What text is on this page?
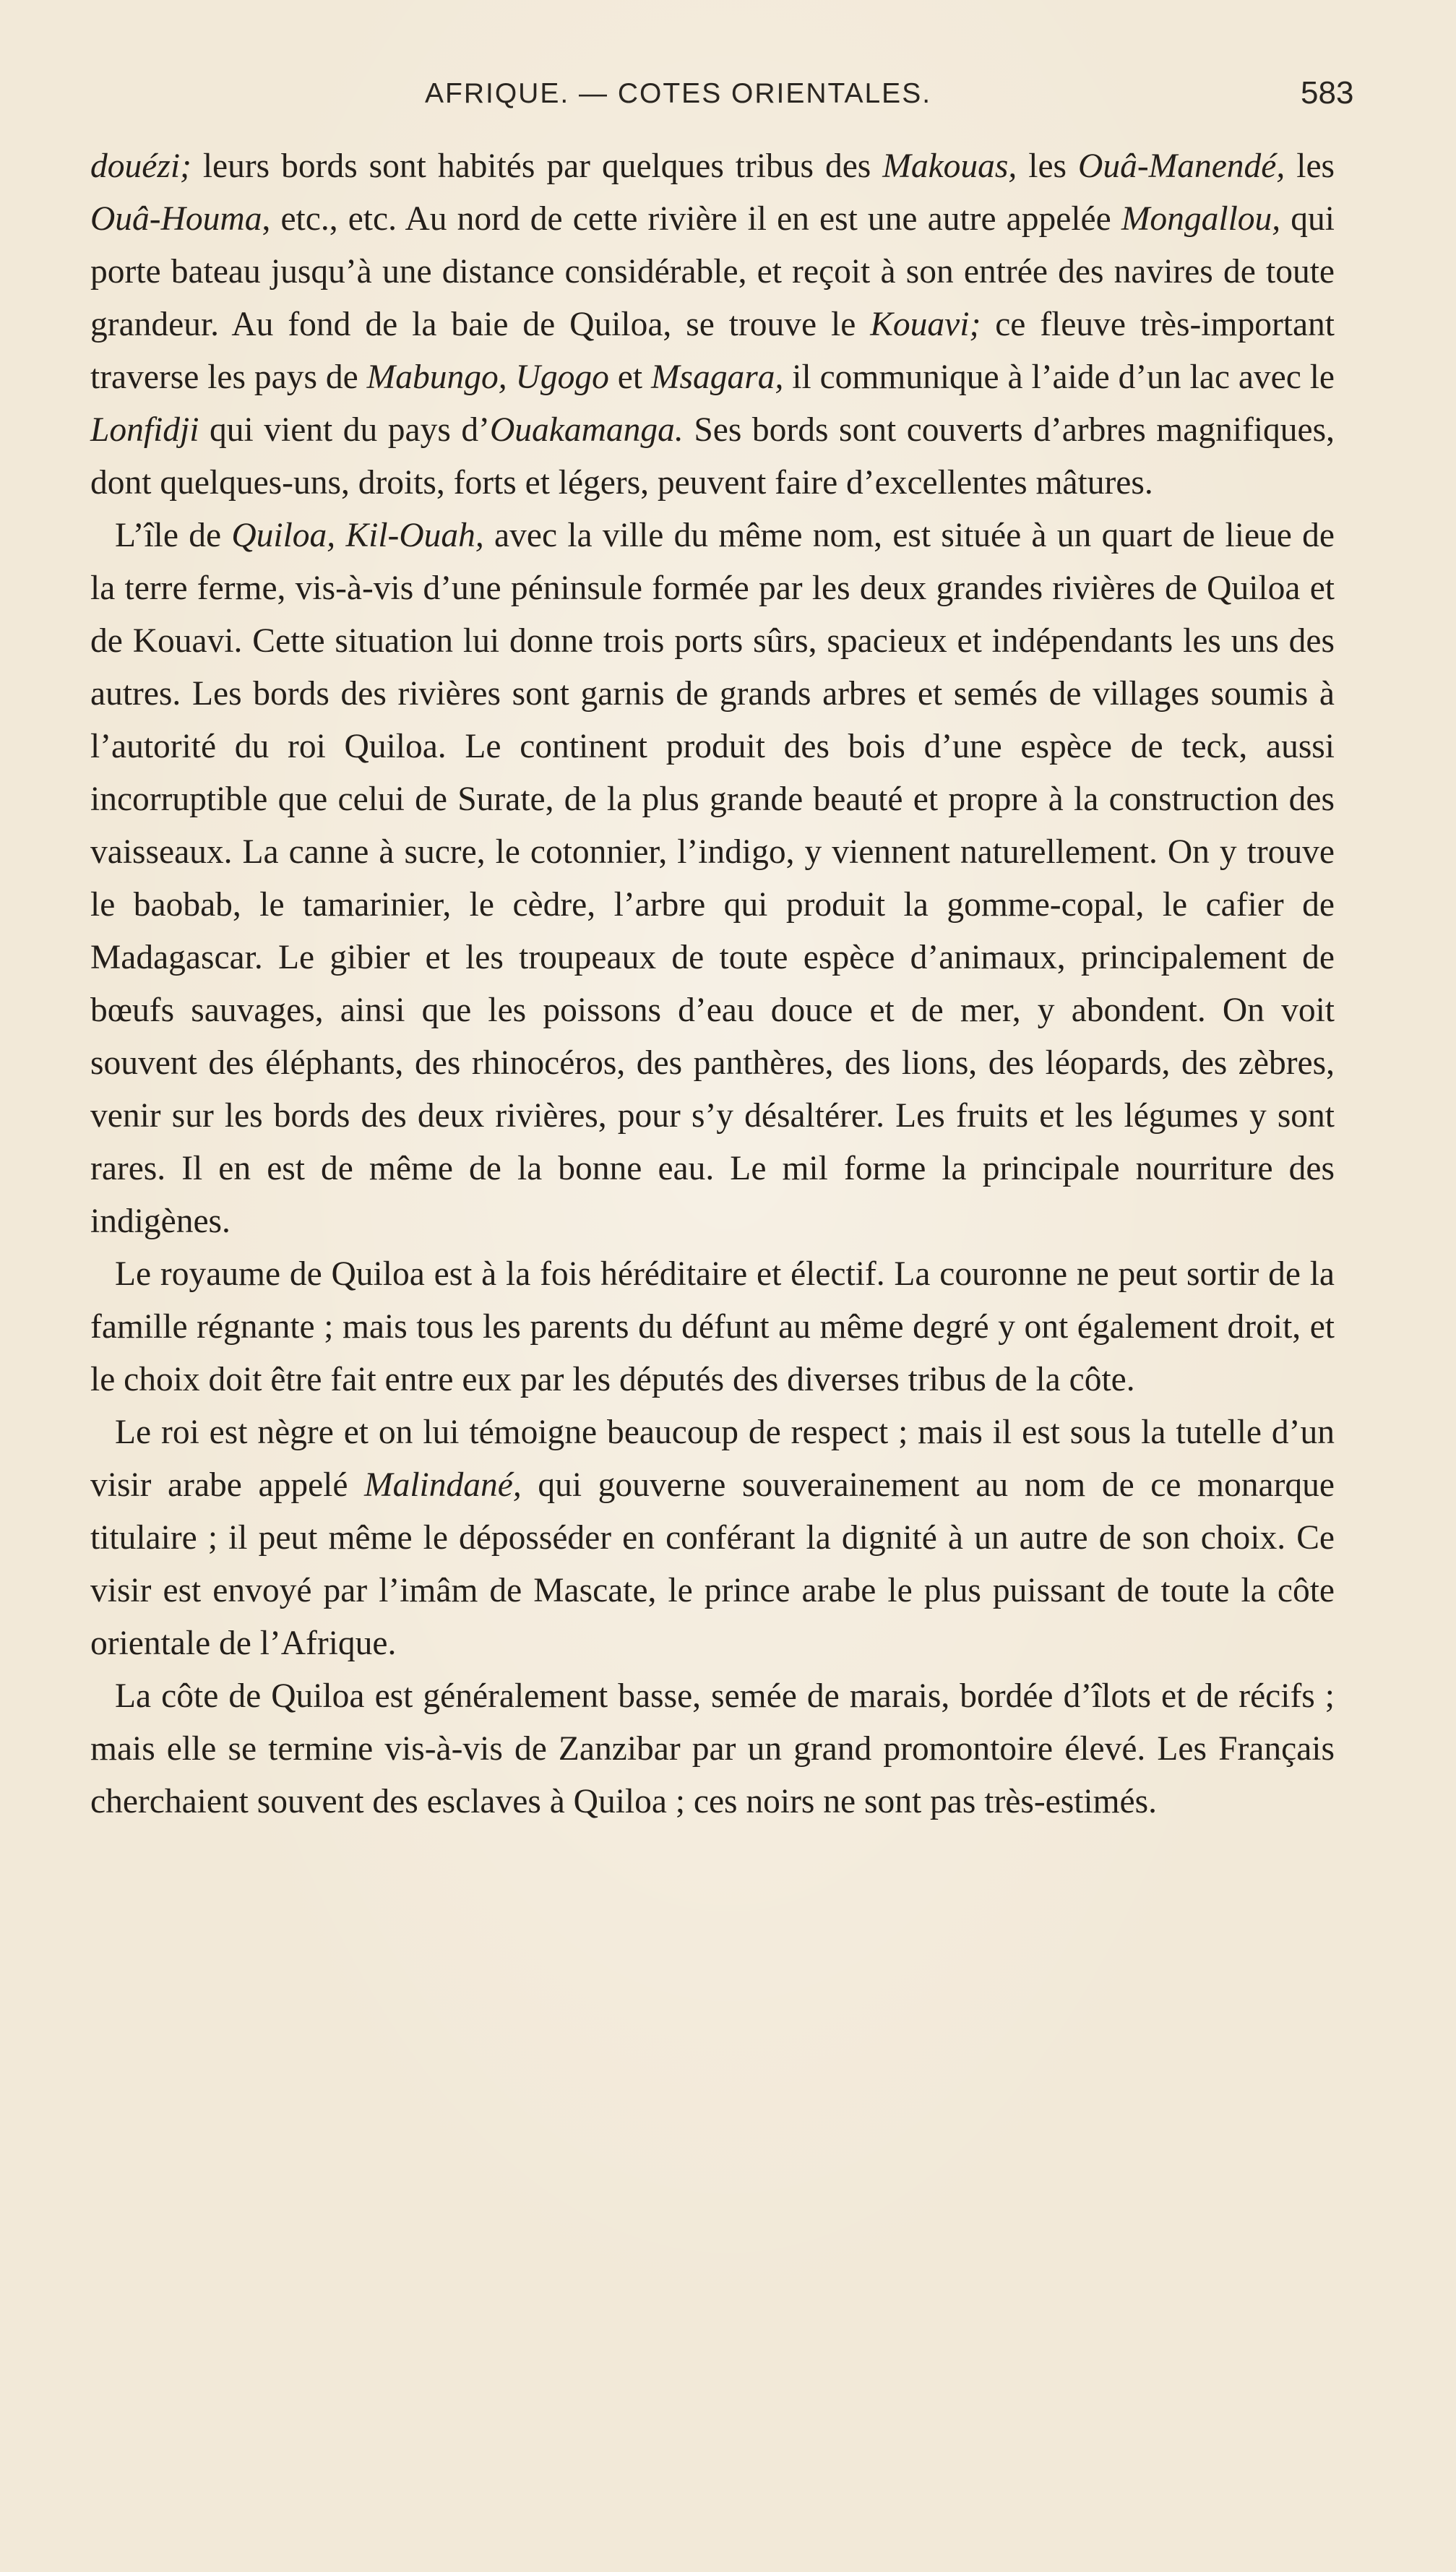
AFRIQUE. — COTES ORIENTALES.	583

douézi; leurs bords sont habités par quelques tribus des Makouas, les Ouâ-Manendé, les Ouâ-Houma, etc., etc. Au nord de cette rivière il en est une autre appelée Mongallou, qui porte bateau jusqu’à une distance considérable, et reçoit à son entrée des navires de toute grandeur. Au fond de la baie de Quiloa, se trouve le Kouavi; ce fleuve très-important traverse les pays de Mabungo, Ugogo et Msagara, il communique à l’aide d’un lac avec le Lonfidji qui vient du pays d’Ouakamanga. Ses bords sont couverts d’arbres magnifiques, dont quelques-uns, droits, forts et légers, peuvent faire d’excellentes mâtures.

L’île de Quiloa, Kil-Ouah, avec la ville du même nom, est située à un quart de lieue de la terre ferme, vis-à-vis d’une péninsule formée par les deux grandes rivières de Quiloa et de Kouavi. Cette situation lui donne trois ports sûrs, spacieux et indépendants les uns des autres. Les bords des rivières sont garnis de grands arbres et semés de villages soumis à l’autorité du roi Quiloa. Le continent produit des bois d’une espèce de teck, aussi incorruptible que celui de Surate, de la plus grande beauté et propre à la construction des vaisseaux. La canne à sucre, le cotonnier, l’indigo, y viennent naturellement. On y trouve le baobab, le tamarinier, le cèdre, l’arbre qui produit la gomme-copal, le cafier de Madagascar. Le gibier et les troupeaux de toute espèce d’animaux, principalement de bœufs sauvages, ainsi que les poissons d’eau douce et de mer, y abondent. On voit souvent des éléphants, des rhinocéros, des panthères, des lions, des léopards, des zèbres, venir sur les bords des deux rivières, pour s’y désaltérer. Les fruits et les légumes y sont rares. Il en est de même de la bonne eau. Le mil forme la principale nourriture des indigènes.

Le royaume de Quiloa est à la fois héréditaire et électif. La couronne ne peut sortir de la famille régnante ; mais tous les parents du défunt au même degré y ont également droit, et le choix doit être fait entre eux par les députés des diverses tribus de la côte.

Le roi est nègre et on lui témoigne beaucoup de respect ; mais il est sous la tutelle d’un visir arabe appelé Malindané, qui gouverne souverainement au nom de ce monarque titulaire ; il peut même le déposséder en conférant la dignité à un autre de son choix. Ce visir est envoyé par l’imâm de Mascate, le prince arabe le plus puissant de toute la côte orientale de l’Afrique.

La côte de Quiloa est généralement basse, semée de marais, bordée d’îlots et de récifs ; mais elle se termine vis-à-vis de Zanzibar par un grand promontoire élevé. Les Français cherchaient souvent des esclaves à Quiloa ; ces noirs ne sont pas très-estimés.
